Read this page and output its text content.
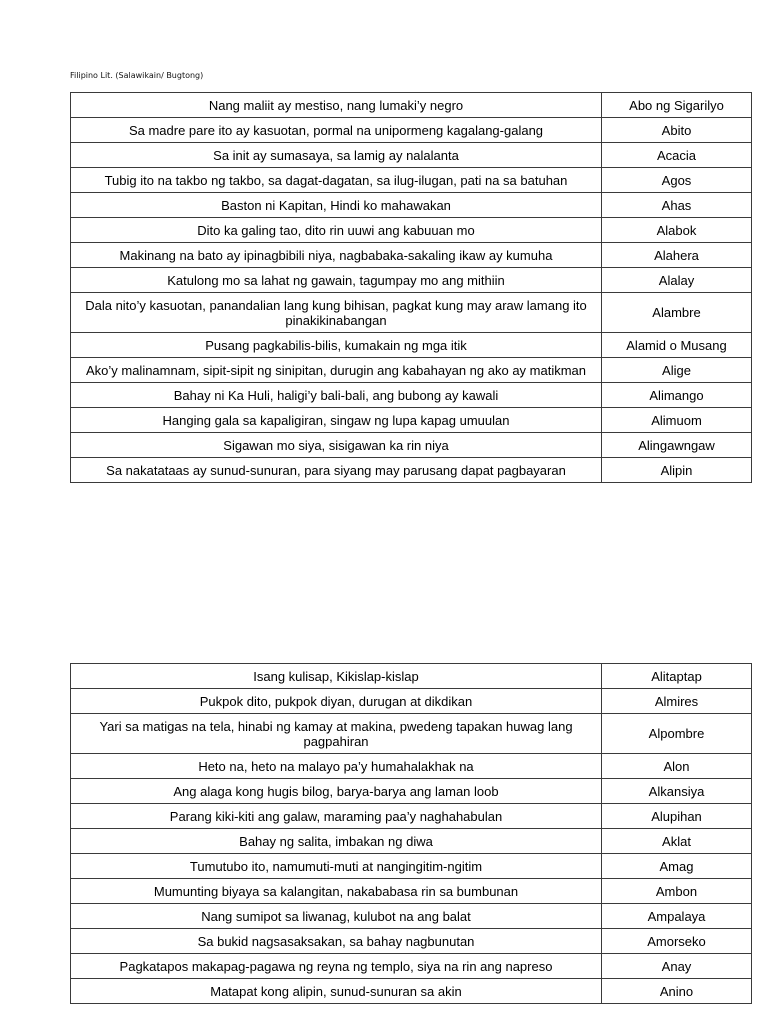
Filipino Lit. (Salawikain/ Bugtong)
Nang maliit ay mestiso, nang lumaki’y negro	Abo ng Sigarilyo
Sa madre pare ito ay kasuotan, pormal na unipormeng kagalang-galang	Abito
Sa init ay sumasaya, sa lamig ay nalalanta	Acacia
Tubig ito na takbo ng takbo, sa dagat-dagatan, sa ilug-ilugan, pati na sa batuhan	Agos
Baston ni Kapitan, Hindi ko mahawakan	Ahas
Dito ka galing tao, dito rin uuwi ang kabuuan mo	Alabok
Makinang na bato ay ipinagbibili niya, nagbabaka-sakaling ikaw ay kumuha	Alahera
Katulong mo sa lahat ng gawain, tagumpay mo ang mithiin	Alalay
Dala nito’y kasuotan, panandalian lang kung bihisan, pagkat kung may araw lamang ito pinakikinabangan	Alambre
Pusang pagkabilis-bilis, kumakain ng mga itik	Alamid o Musang
Ako’y malinamnam, sipit-sipit ng sinipitan, durugin ang kabahayan ng ako ay matikman	Alige
Bahay ni Ka Huli, haligi’y bali-bali, ang bubong ay kawali	Alimango
Hanging gala sa kapaligiran, singaw ng lupa kapag umuulan	Alimuom
Sigawan mo siya, sisigawan ka rin niya	Alingawngaw
Sa nakatataas ay sunud-sunuran, para siyang may parusang dapat pagbayaran	Alipin
Isang kulisap, Kikislap-kislap	Alitaptap
Pukpok dito, pukpok diyan, durugan at dikdikan	Almires
Yari sa matigas na tela, hinabi ng kamay at makina, pwedeng tapakan huwag lang pagpahiran	Alpombre
Heto na, heto na malayo pa’y humahalakhak na	Alon
Ang alaga kong hugis bilog, barya-barya ang laman loob	Alkansiya
Parang kiki-kiti ang galaw, maraming paa’y naghahabulan	Alupihan
Bahay ng salita, imbakan ng diwa	Aklat
Tumutubo ito, namumuti-muti at nangingitim-ngitim	Amag
Mumunting biyaya sa kalangitan, nakababasa rin sa bumbunan	Ambon
Nang sumipot sa liwanag, kulubot na ang balat	Ampalaya
Sa bukid nagsasaksakan, sa bahay nagbunutan	Amorseko
Pagkatapos makapag-pagawa ng reyna ng templo, siya na rin ang napreso	Anay
Matapat kong alipin, sunud-sunuran sa akin	Anino
